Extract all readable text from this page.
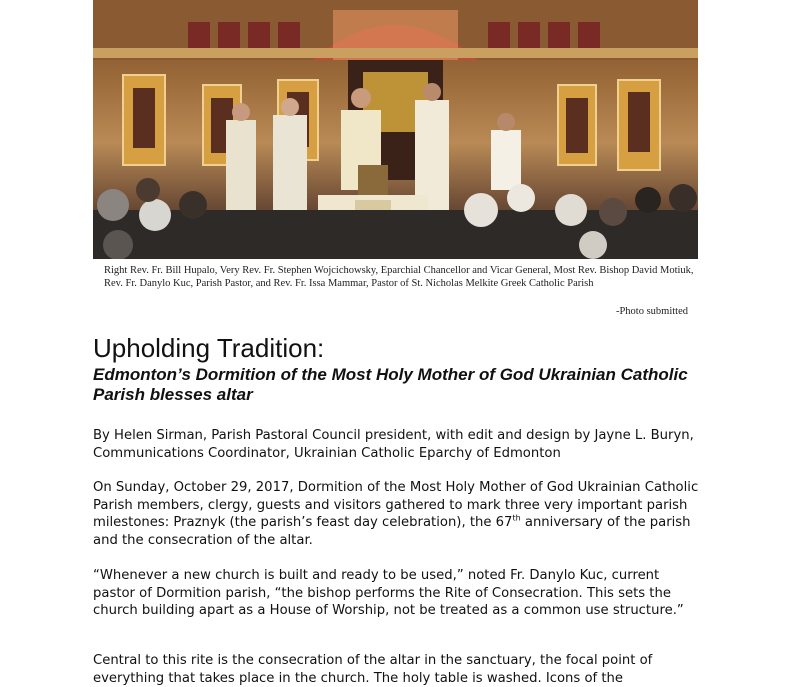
Right Rev. Fr. Bill Hupalo, Very Rev. Fr. Stephen Wojcichowsky, Eparchial Chancellor and Vicar General, Most Rev. Bishop David Motiuk, Rev. Fr. Danylo Kuc, Parish Pastor, and Rev. Fr. Issa Mammar, Pastor of St. Nicholas Melkite Greek Catholic Parish

-Photo submitted
Upholding Tradition:
Edmonton’s Dormition of the Most Holy Mother of God Ukrainian Catholic Parish blesses altar

By Helen Sirman, Parish Pastoral Council president, with edit and design by Jayne L. Buryn, Communications Coordinator, Ukrainian Catholic Eparchy of Edmonton

On Sunday, October 29, 2017, Dormition of the Most Holy Mother of God Ukrainian Catholic Parish members, clergy, guests and visitors gathered to mark three very important parish milestones: Praznyk (the parish’s feast day celebration), the 67th anniversary of the parish and the consecration of the altar.

“Whenever a new church is built and ready to be used,” noted Fr. Danylo Kuc, current pastor of Dormition parish, “the bishop performs the Rite of Consecration. This sets the church building apart as a House of Worship, not be treated as a common use structure.”

Central to this rite is the consecration of the altar in the sanctuary, the focal point of everything that takes place in the church. The holy table is washed. Icons of the
